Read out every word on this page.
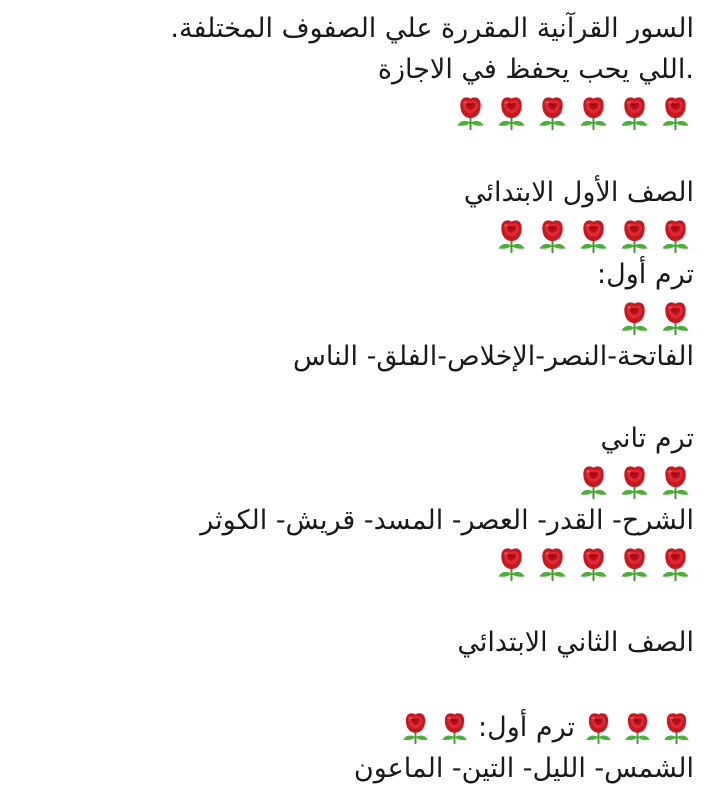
السور القرآنية المقررة علي الصفوف المختلفة.
.اللي يحب يحفظ في الاجازة
الصف الأول الابتدائي
ترم أول:
الفاتحة-النصر-الإخلاص-الفلق- الناس
ترم تاني
الشرح- القدر- العصر- المسد- قريش- الكوثر
الصف الثاني الابتدائي
ترم أول:
الشمس- الليل- التين- الماعون
